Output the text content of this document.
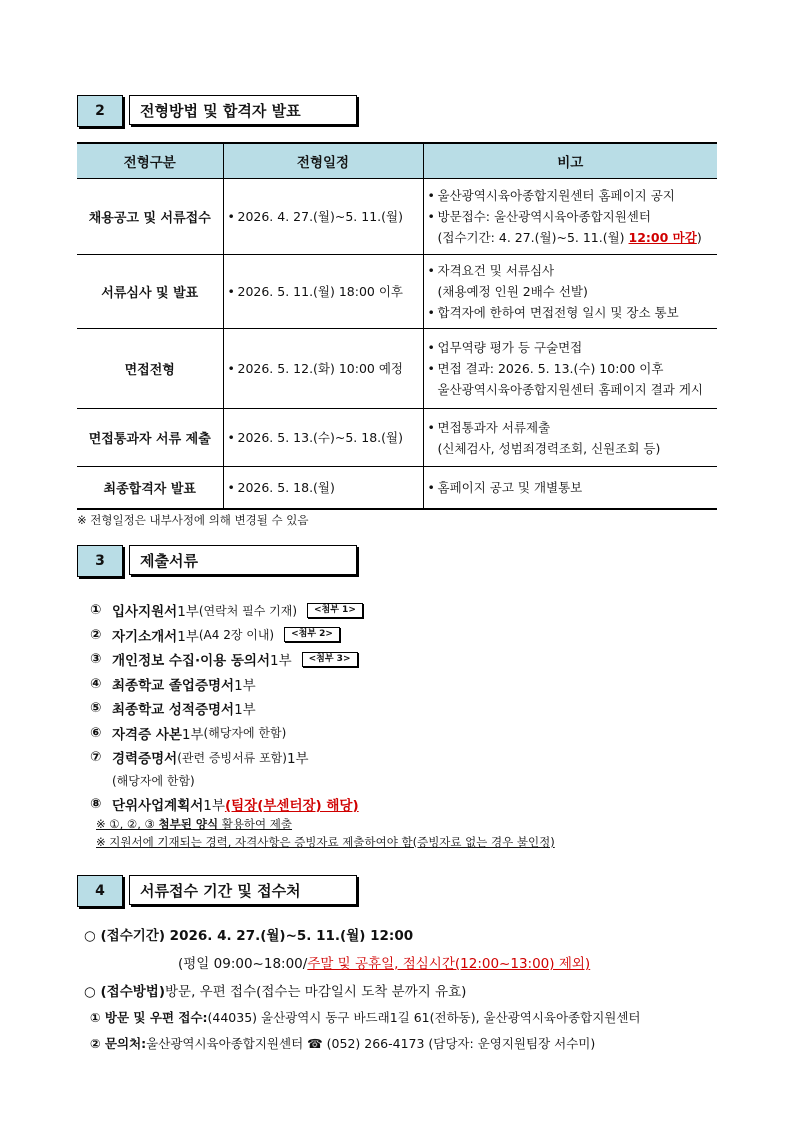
2	전형방법 및 합격자 발표
전형구분	전형일정	비고
채용공고 및 서류접수	• 2026. 4. 27.(월)~5. 11.(월)	• 울산광역시육아종합지원센터 홈페이지 공지
• 방문접수: 울산광역시육아종합지원센터
(접수기간: 4. 27.(월)~5. 11.(월) 12:00 마감)

서류심사 및 발표	• 2026. 5. 11.(월) 18:00 이후	• 자격요건 및 서류심사
(채용예정 인원 2배수 선발)
• 합격자에 한하여 면접전형 일시 및 장소 통보

면접전형	• 2026. 5. 12.(화) 10:00 예정	• 업무역량 평가 등 구술면접
• 면접 결과: 2026. 5. 13.(수) 10:00 이후
울산광역시육아종합지원센터 홈페이지 결과 게시

면접통과자 서류 제출	• 2026. 5. 13.(수)~5. 18.(월)	• 면접통과자 서류제출
(신체검사, 성범죄경력조회, 신원조회 등)

최종합격자 발표	• 2026. 5. 18.(월)	• 홈페이지 공고 및 개별통보
※ 전형일정은 내부사정에 의해 변경될 수 있음
3	제출서류
① 입사지원서 1부 (연락처 필수 기재)	<첨부 1>
② 자기소개서 1부 (A4 2장 이내)	<첨부 2>
③ 개인정보 수집·이용 동의서 1부	<첨부 3>
④ 최종학교 졸업증명서 1부
⑤ 최종학교 성적증명서 1부
⑥ 자격증 사본 1부 (해당자에 한함)
⑦ 경력증명서 (관련 증빙서류 포함) 1부
(해당자에 한함)
⑧ 단위사업계획서 1부 (팀장(부센터장) 해당)
※ ①, ②, ③ 첨부된 양식 활용하여 제출
※ 지원서에 기재되는 경력, 자격사항은 증빙자료 제출하여야 함(증빙자료 없는 경우 불인정)
4	서류접수 기간 및 접수처
○ (접수기간) 2026. 4. 27.(월)~5. 11.(월) 12:00
(평일 09:00~18:00/ 주말 및 공휴일, 점심시간(12:00~13:00) 제외)
○ (접수방법) 방문, 우편 접수(접수는 마감일시 도착 분까지 유효)
① 방문 및 우편 접수: (44035) 울산광역시 동구 바드래1길 61(전하동), 울산광역시육아종합지원센터
② 문의처: 울산광역시육아종합지원센터 ☎ (052) 266-4173 (담당자: 운영지원팀장 서수미)
